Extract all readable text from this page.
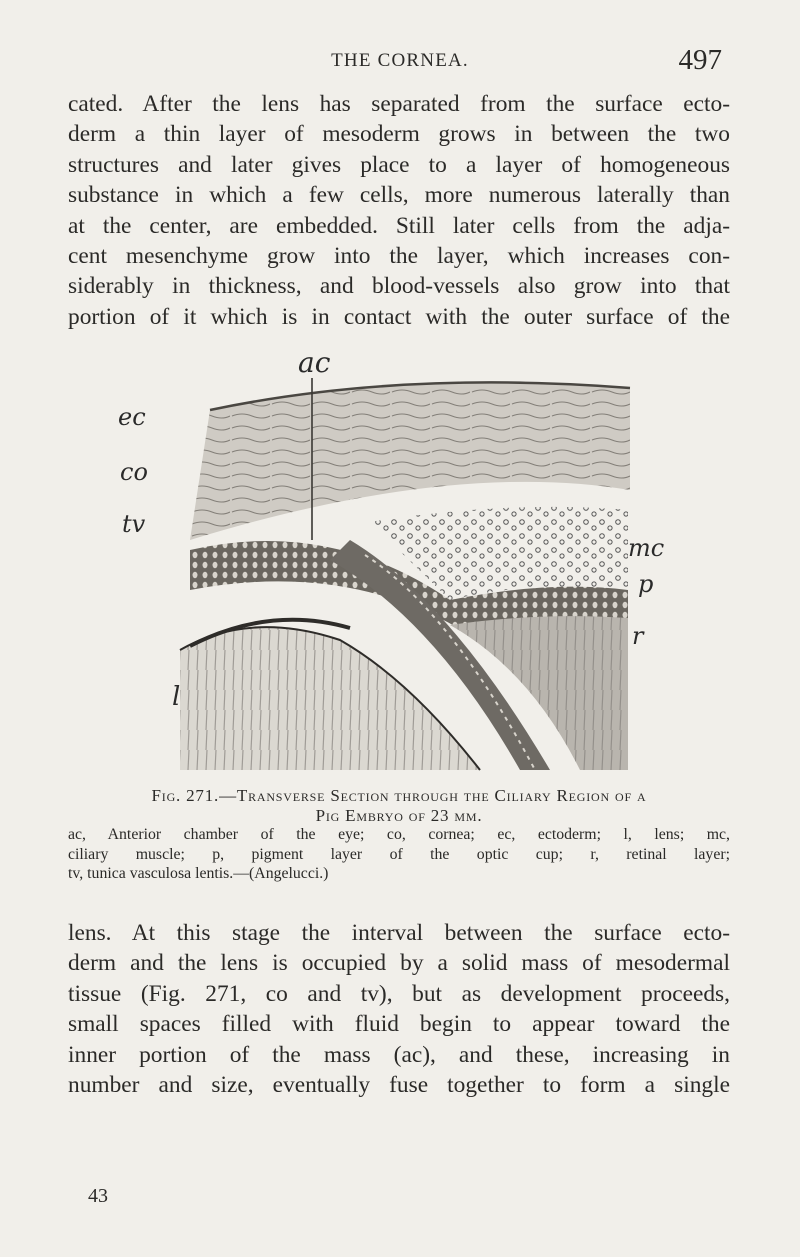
THE CORNEA.	497
cated. After the lens has separated from the surface ecto-
derm a thin layer of mesoderm grows in between the two
structures and later gives place to a layer of homogeneous
substance in which a few cells, more numerous laterally than
at the center, are embedded. Still later cells from the adja-
cent mesenchyme grow into the layer, which increases con-
siderably in thickness, and blood-vessels also grow into that
portion of it which is in contact with the outer surface of the
ac
ec
co
tv
mc
p
r
l
Fig. 271.—Transverse Section through the Ciliary Region of a
Pig Embryo of 23 mm.
ac, Anterior chamber of the eye; co, cornea; ec, ectoderm; l, lens; mc,
ciliary muscle; p, pigment layer of the optic cup; r, retinal layer;
tv, tunica vasculosa lentis.—(Angelucci.)
lens. At this stage the interval between the surface ecto-
derm and the lens is occupied by a solid mass of mesodermal
tissue (Fig. 271, co and tv), but as development proceeds,
small spaces filled with fluid begin to appear toward the
inner portion of the mass (ac), and these, increasing in
number and size, eventually fuse together to form a single
43
